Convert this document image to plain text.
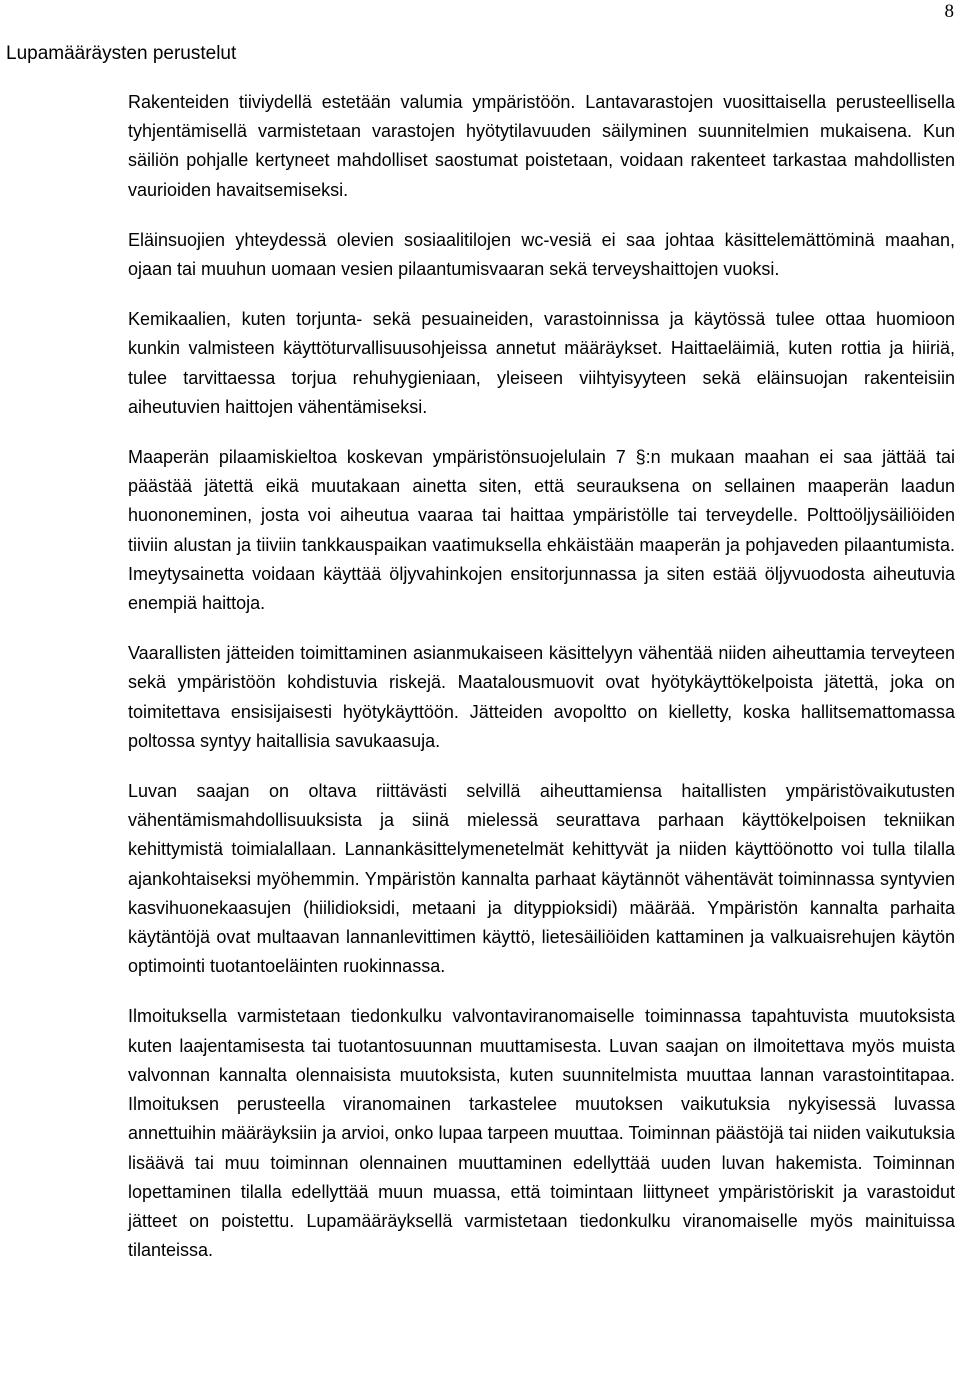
8
Lupamääräysten perustelut

Rakenteiden tiiviydellä estetään valumia ympäristöön. Lantavarastojen vuosittaisella perusteellisella tyhjentämisellä varmistetaan varastojen hyötytilavuuden säilyminen suunnitelmien mukaisena. Kun säiliön pohjalle kertyneet mahdolliset saostumat poistetaan, voidaan rakenteet tarkastaa mahdollisten vaurioiden havaitsemiseksi.

Eläinsuojien yhteydessä olevien sosiaalitilojen wc-vesiä ei saa johtaa käsittelemättöminä maahan, ojaan tai muuhun uomaan vesien pilaantumisvaaran sekä terveyshaittojen vuoksi.

Kemikaalien, kuten torjunta- sekä pesuaineiden, varastoinnissa ja käytössä tulee ottaa huomioon kunkin valmisteen käyttöturvallisuusohjeissa annetut määräykset. Haittaeläimiä, kuten rottia ja hiiriä, tulee tarvittaessa torjua rehuhygieniaan, yleiseen viihtyisyyteen sekä eläinsuojan rakenteisiin aiheutuvien haittojen vähentämiseksi.

Maaperän pilaamiskieltoa koskevan ympäristönsuojelulain 7 §:n mukaan maahan ei saa jättää tai päästää jätettä eikä muutakaan ainetta siten, että seurauksena on sellainen maaperän laadun huononeminen, josta voi aiheutua vaaraa tai haittaa ympäristölle tai terveydelle. Polttoöljysäiliöiden tiiviin alustan ja tiiviin tankkauspaikan vaatimuksella ehkäistään maaperän ja pohjaveden pilaantumista. Imeytysainetta voidaan käyttää öljyvahinkojen ensitorjunnassa ja siten estää öljyvuodosta aiheutuvia enempiä haittoja.

Vaarallisten jätteiden toimittaminen asianmukaiseen käsittelyyn vähentää niiden aiheuttamia terveyteen sekä ympäristöön kohdistuvia riskejä. Maatalousmuovit ovat hyötykäyttökelpoista jätettä, joka on toimitettava ensisijaisesti hyötykäyttöön. Jätteiden avopoltto on kielletty, koska hallitsemattomassa poltossa syntyy haitallisia savukaasuja.

Luvan saajan on oltava riittävästi selvillä aiheuttamiensa haitallisten ympäristövaikutusten vähentämismahdollisuuksista ja siinä mielessä seurattava parhaan käyttökelpoisen tekniikan kehittymistä toimialallaan. Lannankäsittelymenetelmät kehittyvät ja niiden käyttöönotto voi tulla tilalla ajankohtaiseksi myöhemmin. Ympäristön kannalta parhaat käytännöt vähentävät toiminnassa syntyvien kasvihuonekaasujen (hiilidioksidi, metaani ja dityppioksidi) määrää. Ympäristön kannalta parhaita käytäntöjä ovat multaavan lannanlevittimen käyttö, lietesäiliöiden kattaminen ja valkuaisrehujen käytön optimointi tuotantoeläinten ruokinnassa.

Ilmoituksella varmistetaan tiedonkulku valvontaviranomaiselle toiminnassa tapahtuvista muutoksista kuten laajentamisesta tai tuotantosuunnan muuttamisesta. Luvan saajan on ilmoitettava myös muista valvonnan kannalta olennaisista muutoksista, kuten suunnitelmista muuttaa lannan varastointitapaa. Ilmoituksen perusteella viranomainen tarkastelee muutoksen vaikutuksia nykyisessä luvassa annettuihin määräyksiin ja arvioi, onko lupaa tarpeen muuttaa. Toiminnan päästöjä tai niiden vaikutuksia lisäävä tai muu toiminnan olennainen muuttaminen edellyttää uuden luvan hakemista. Toiminnan lopettaminen tilalla edellyttää muun muassa, että toimintaan liittyneet ympäristöriskit ja varastoidut jätteet on poistettu. Lupamääräyksellä varmistetaan tiedonkulku viranomaiselle myös mainituissa tilanteissa.
